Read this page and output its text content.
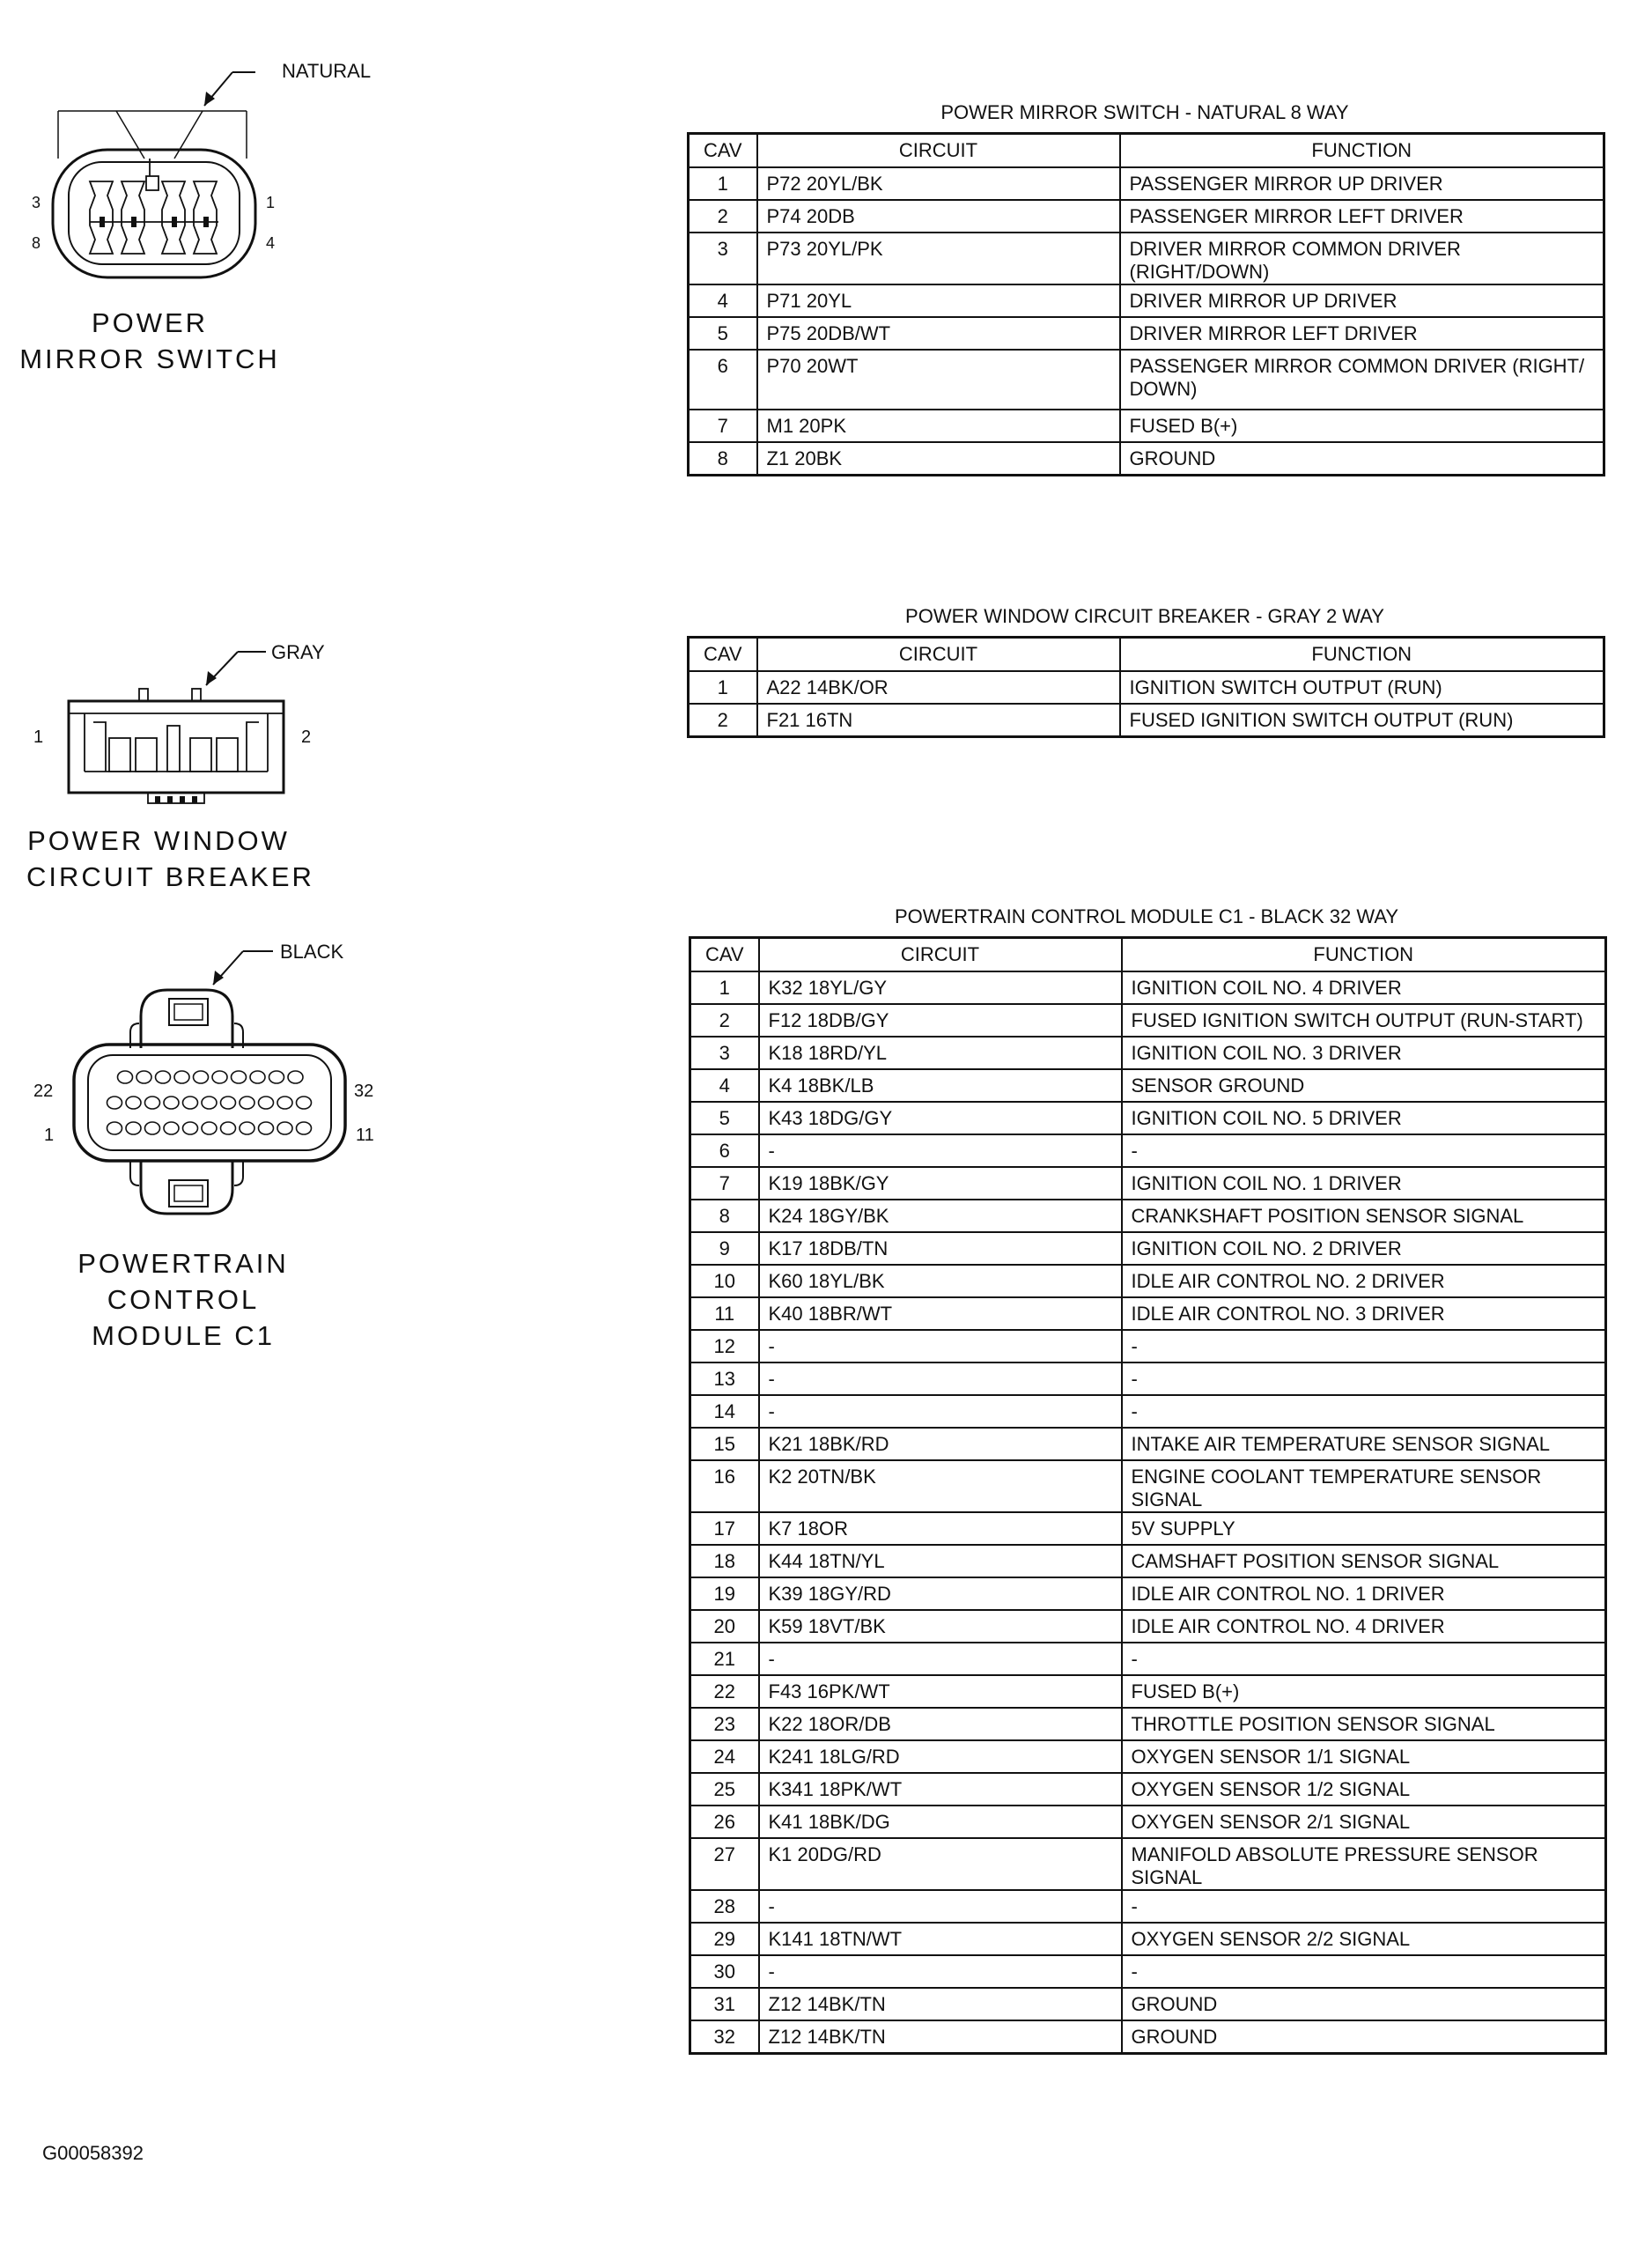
NATURAL
3
8
1
4
POWER
MIRROR SWITCH
GRAY
1	2
POWER WINDOW
CIRCUIT BREAKER
BLACK
22
1
32
11
POWERTRAIN
CONTROL
MODULE C1
POWER MIRROR SWITCH - NATURAL 8 WAY
CAV	CIRCUIT	FUNCTION
1	P72 20YL/BK	PASSENGER MIRROR UP DRIVER
2	P74 20DB	PASSENGER MIRROR LEFT DRIVER
3	P73 20YL/PK	DRIVER MIRROR COMMON DRIVER (RIGHT/DOWN)
4	P71 20YL	DRIVER MIRROR UP DRIVER
5	P75 20DB/WT	DRIVER MIRROR LEFT DRIVER
6	P70 20WT	PASSENGER MIRROR COMMON DRIVER (RIGHT/ DOWN)
7	M1 20PK	FUSED B(+)
8	Z1 20BK	GROUND
POWER WINDOW CIRCUIT BREAKER - GRAY 2 WAY
CAV	CIRCUIT	FUNCTION
1	A22 14BK/OR	IGNITION SWITCH OUTPUT (RUN)
2	F21 16TN	FUSED IGNITION SWITCH OUTPUT (RUN)
POWERTRAIN CONTROL MODULE C1 - BLACK 32 WAY
CAV	CIRCUIT	FUNCTION
1	K32 18YL/GY	IGNITION COIL NO. 4 DRIVER
2	F12 18DB/GY	FUSED IGNITION SWITCH OUTPUT (RUN-START)
3	K18 18RD/YL	IGNITION COIL NO. 3 DRIVER
4	K4 18BK/LB	SENSOR GROUND
5	K43 18DG/GY	IGNITION COIL NO. 5 DRIVER
6	-	-
7	K19 18BK/GY	IGNITION COIL NO. 1 DRIVER
8	K24 18GY/BK	CRANKSHAFT POSITION SENSOR SIGNAL
9	K17 18DB/TN	IGNITION COIL NO. 2 DRIVER
10	K60 18YL/BK	IDLE AIR CONTROL NO. 2 DRIVER
11	K40 18BR/WT	IDLE AIR CONTROL NO. 3 DRIVER
12	-	-
13	-	-
14	-	-
15	K21 18BK/RD	INTAKE AIR TEMPERATURE SENSOR SIGNAL
16	K2 20TN/BK	ENGINE COOLANT TEMPERATURE SENSOR SIGNAL
17	K7 18OR	5V SUPPLY
18	K44 18TN/YL	CAMSHAFT POSITION SENSOR SIGNAL
19	K39 18GY/RD	IDLE AIR CONTROL NO. 1 DRIVER
20	K59 18VT/BK	IDLE AIR CONTROL NO. 4 DRIVER
21	-	-
22	F43 16PK/WT	FUSED B(+)
23	K22 18OR/DB	THROTTLE POSITION SENSOR SIGNAL
24	K241 18LG/RD	OXYGEN SENSOR 1/1 SIGNAL
25	K341 18PK/WT	OXYGEN SENSOR 1/2 SIGNAL
26	K41 18BK/DG	OXYGEN SENSOR 2/1 SIGNAL
27	K1 20DG/RD	MANIFOLD ABSOLUTE PRESSURE SENSOR SIGNAL
28	-	-
29	K141 18TN/WT	OXYGEN SENSOR 2/2 SIGNAL
30	-	-
31	Z12 14BK/TN	GROUND
32	Z12 14BK/TN	GROUND
G00058392
